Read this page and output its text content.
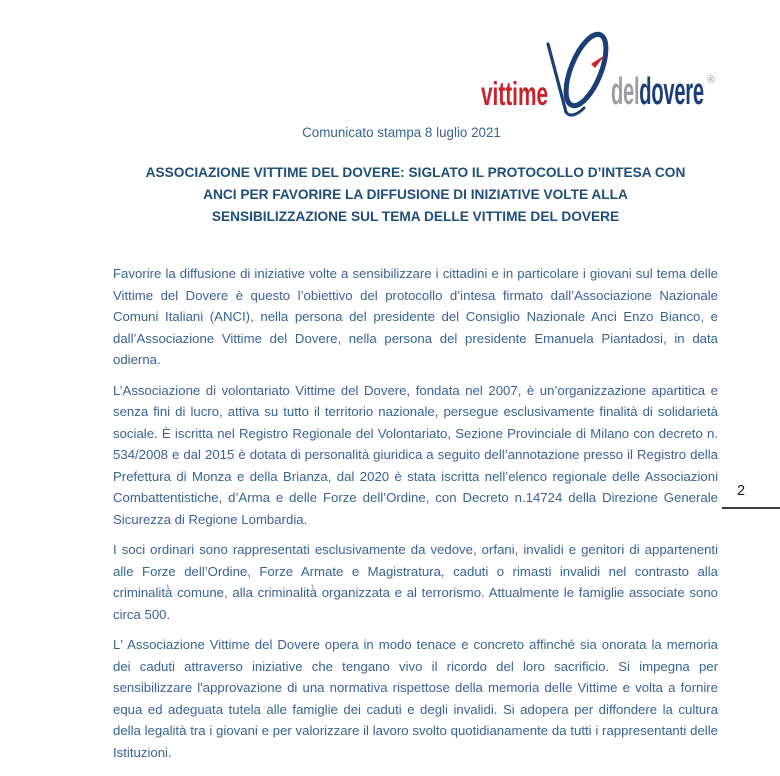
vittime deldovere ®
Comunicato stampa 8 luglio 2021
ASSOCIAZIONE VITTIME DEL DOVERE: SIGLATO IL PROTOCOLLO D’INTESA CON
ANCI PER FAVORIRE LA DIFFUSIONE DI INIZIATIVE VOLTE ALLA
SENSIBILIZZAZIONE SUL TEMA DELLE VITTIME DEL DOVERE

Favorire la diffusione di iniziative volte a sensibilizzare i cittadini e in particolare i giovani sul tema delle Vittime del Dovere è questo l’obiettivo del protocollo d’intesa firmato dall’Associazione Nazionale Comuni Italiani (ANCI), nella persona del presidente del Consiglio Nazionale Anci Enzo Bianco, e dall’Associazione Vittime del Dovere, nella persona del presidente Emanuela Piantadosi, in data odierna.

L’Associazione di volontariato Vittime del Dovere, fondata nel 2007, è un’organizzazione apartitica e senza fini di lucro, attiva su tutto il territorio nazionale, persegue esclusivamente finalità di solidarietà sociale. È iscritta nel Registro Regionale del Volontariato, Sezione Provinciale di Milano con decreto n. 534/2008 e dal 2015 è dotata di personalità giuridica a seguito dell’annotazione presso il Registro della Prefettura di Monza e della Brianza, dal 2020 è stata iscritta nell’elenco regionale delle Associazioni Combattentistiche, d’Arma e delle Forze dell’Ordine, con Decreto n.14724 della Direzione Generale Sicurezza di Regione Lombardia.

I soci ordinari sono rappresentati esclusivamente da vedove, orfani, invalidi e genitori di appartenenti alle Forze dell’Ordine, Forze Armate e Magistratura, caduti o rimasti invalidi nel contrasto alla criminalità̀ comune, alla criminalità̀ organizzata e al terrorismo. Attualmente le famiglie associate sono circa 500.

L' Associazione Vittime del Dovere opera in modo tenace e concreto affinché sia onorata la memoria dei caduti attraverso iniziative che tengano vivo il ricordo del loro sacrificio. Si impegna per sensibilizzare l'approvazione di una normativa rispettose della memoria delle Vittime e volta a fornire equa ed adeguata tutela alle famiglie dei caduti e degli invalidi. Si adopera per diffondere la cultura della legalità tra i giovani e per valorizzare il lavoro svolto quotidianamente da tutti i rappresentanti delle Istituzioni.

2
